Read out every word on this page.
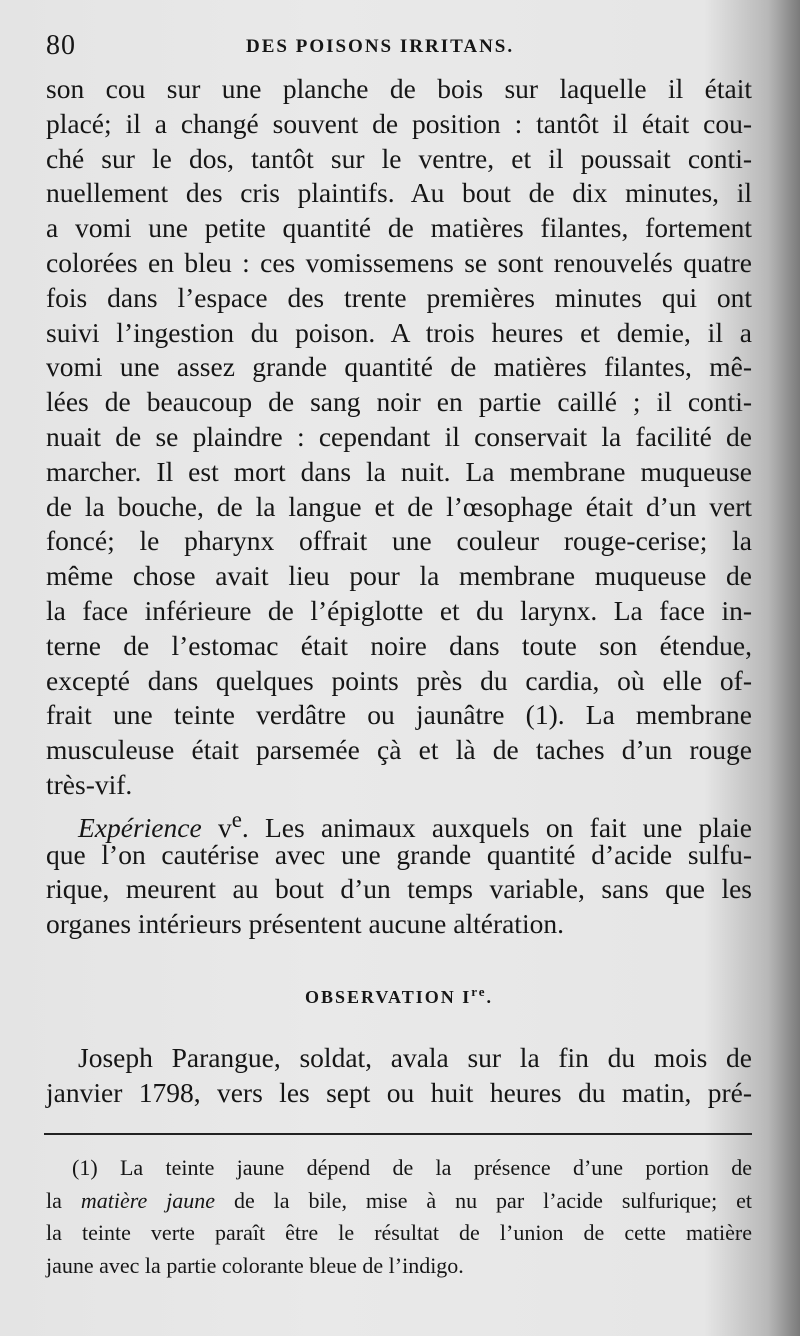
80	DES POISONS IRRITANS.
son cou sur une planche de bois sur laquelle il était
placé; il a changé souvent de position : tantôt il était cou-
ché sur le dos, tantôt sur le ventre, et il poussait conti-
nuellement des cris plaintifs. Au bout de dix minutes, il
a vomi une petite quantité de matières filantes, fortement
colorées en bleu : ces vomissemens se sont renouvelés quatre
fois dans l’espace des trente premières minutes qui ont
suivi l’ingestion du poison. A trois heures et demie, il a
vomi une assez grande quantité de matières filantes, mê-
lées de beaucoup de sang noir en partie caillé ; il conti-
nuait de se plaindre : cependant il conservait la facilité de
marcher. Il est mort dans la nuit. La membrane muqueuse
de la bouche, de la langue et de l’œsophage était d’un vert
foncé; le pharynx offrait une couleur rouge-cerise; la
même chose avait lieu pour la membrane muqueuse de
la face inférieure de l’épiglotte et du larynx. La face in-
terne de l’estomac était noire dans toute son étendue,
excepté dans quelques points près du cardia, où elle of-
frait une teinte verdâtre ou jaunâtre (1). La membrane
musculeuse était parsemée çà et là de taches d’un rouge
très-vif.
Expérience $v^e$. Les animaux auxquels on fait une plaie
que l’on cautérise avec une grande quantité d’acide sulfu-
rique, meurent au bout d’un temps variable, sans que les
organes intérieurs présentent aucune altération.
OBSERVATION Ire.
Joseph Parangue, soldat, avala sur la fin du mois de
janvier 1798, vers les sept ou huit heures du matin, pré-
(1) La teinte jaune dépend de la présence d’une portion de
la matière jaune de la bile, mise à nu par l’acide sulfurique; et
la teinte verte paraît être le résultat de l’union de cette matière
jaune avec la partie colorante bleue de l’indigo.
